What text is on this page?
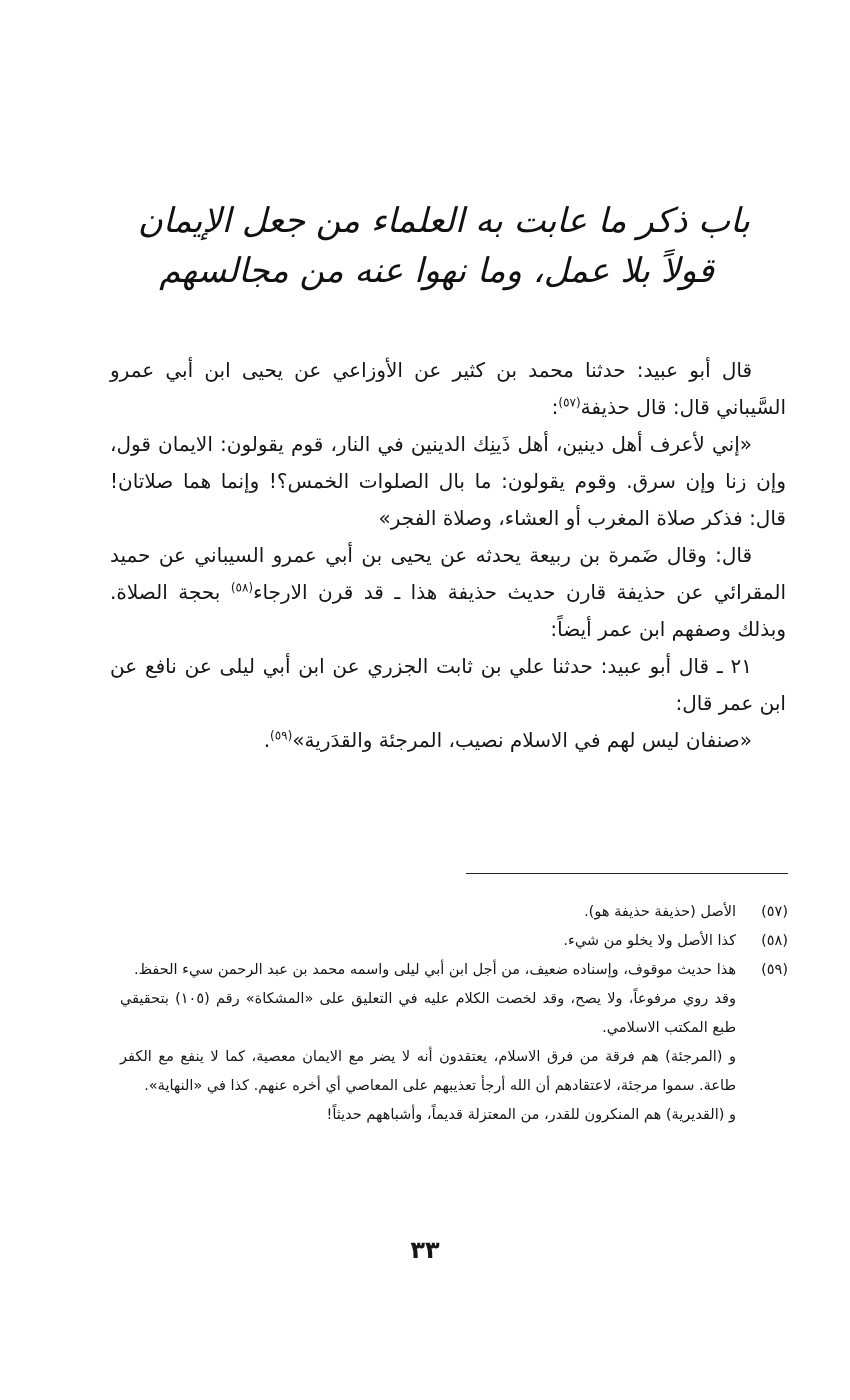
باب ذكر ما عابت به العلماء من جعل الإيمان
قولاً بلا عمل، وما نهوا عنه من مجالسهم

قال أبو عبيد: حدثنا محمد بن كثير عن الأوزاعي عن يحيى ابن أبي عمرو السَّيباني قال: قال حذيفة$^{(٥٧)}$:

«إني لأعرف أهل دينين، أهل ذَينِك الدينين في النار، قوم يقولون: الايمان قول، وإن زنا وإن سرق. وقوم يقولون: ما بال الصلوات الخمس؟! وإنما هما صلاتان! قال: فذكر صلاة المغرب أو العشاء، وصلاة الفجر»

قال: وقال ضَمرة بن ربيعة يحدثه عن يحيى بن أبي عمرو السيباني عن حميد المقرائي عن حذيفة قارن حديث حذيفة هذا ـ قد قرن الارجاء$^{(٥٨)}$ بحجة الصلاة. وبذلك وصفهم ابن عمر أيضاً:

٢١ ـ قال أبو عبيد: حدثنا علي بن ثابت الجزري عن ابن أبي ليلى عن نافع عن ابن عمر قال:

«صنفان ليس لهم في الاسلام نصيب، المرجئة والقدَرية»$^{(٥٩)}$.

(٥٧)
الأصل (حذيفة حذيفة هو).
(٥٨)
كذا الأصل ولا يخلو من شيء.
(٥٩)
هذا حديث موقوف، وإسناده ضعيف، من أجل ابن أبي ليلى واسمه محمد بن عبد الرحمن سيء الحفظ.

وقد روي مرفوعاً، ولا يصح، وقد لخصت الكلام عليه في التعليق على «المشكاة» رقم (١٠٥) بتحقيقي طبع المكتب الاسلامي.

و (المرجئة) هم فرقة من فرق الاسلام، يعتقدون أنه لا يضر مع الايمان معصية، كما لا ينفع مع الكفر طاعة. سموا مرجئة، لاعتقادهم أن الله أرجأ تعذيبهم على المعاصي أي أخره عنهم. كذا في «النهاية».

و (القديرية) هم المنكرون للقدر، من المعتزلة قديماً، وأشباههم حديثاً!

٣٣
